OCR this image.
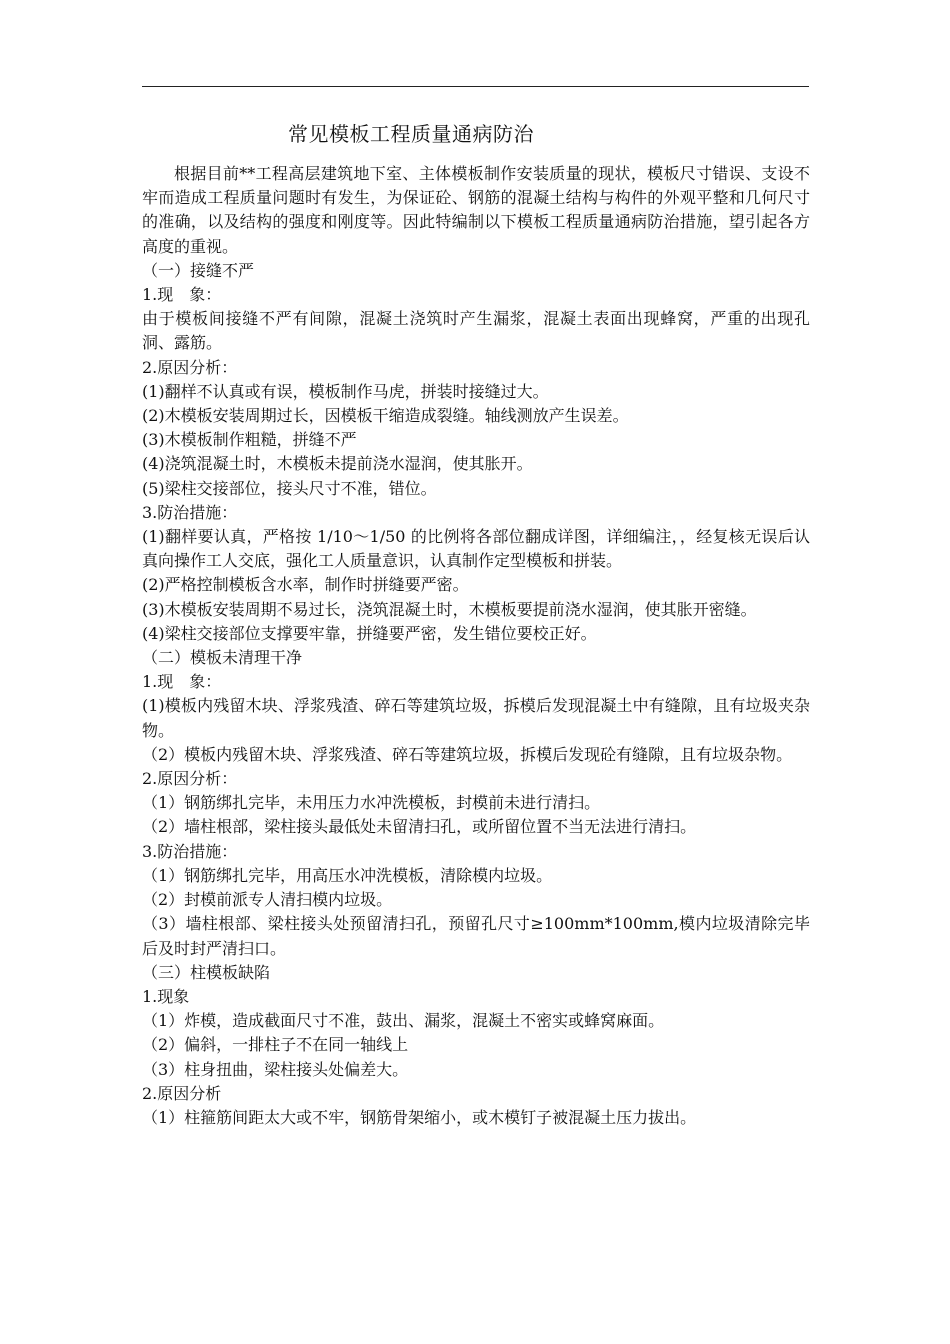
常见模板工程质量通病防治

根据目前**工程高层建筑地下室、主体模板制作安装质量的现状，模板尺寸错误、支设不牢而造成工程质量问题时有发生，为保证砼、钢筋的混凝土结构与构件的外观平整和几何尺寸的准确，以及结构的强度和刚度等。因此特编制以下模板工程质量通病防治措施，望引起各方高度的重视。

（一）接缝不严

1.现　象：

由于模板间接缝不严有间隙，混凝土浇筑时产生漏浆，混凝土表面出现蜂窝，严重的出现孔洞、露筋。

2.原因分析：

(1)翻样不认真或有误，模板制作马虎，拼装时接缝过大。

(2)木模板安装周期过长，因模板干缩造成裂缝。轴线测放产生误差。

(3)木模板制作粗糙，拼缝不严

(4)浇筑混凝土时，木模板未提前浇水湿润，使其胀开。

(5)梁柱交接部位，接头尺寸不准，错位。

3.防治措施：

(1)翻样要认真，严格按 1/10～1/50 的比例将各部位翻成详图，详细编注，，经复核无误后认真向操作工人交底，强化工人质量意识，认真制作定型模板和拼装。

(2)严格控制模板含水率，制作时拼缝要严密。

(3)木模板安装周期不易过长，浇筑混凝土时，木模板要提前浇水湿润，使其胀开密缝。

(4)梁柱交接部位支撑要牢靠，拼缝要严密，发生错位要校正好。

（二）模板未清理干净

1.现　象：

(1)模板内残留木块、浮浆残渣、碎石等建筑垃圾，拆模后发现混凝土中有缝隙，且有垃圾夹杂物。

（2）模板内残留木块、浮浆残渣、碎石等建筑垃圾，拆模后发现砼有缝隙，且有垃圾杂物。

2.原因分析：

（1）钢筋绑扎完毕，未用压力水冲洗模板，封模前未进行清扫。

（2）墙柱根部，梁柱接头最低处未留清扫孔，或所留位置不当无法进行清扫。

3.防治措施：

（1）钢筋绑扎完毕，用高压水冲洗模板，清除模内垃圾。

（2）封模前派专人清扫模内垃圾。

（3）墙柱根部、梁柱接头处预留清扫孔，预留孔尺寸≥100mm*100mm,模内垃圾清除完毕后及时封严清扫口。

（三）柱模板缺陷

1.现象

（1）炸模，造成截面尺寸不准，鼓出、漏浆，混凝土不密实或蜂窝麻面。

（2）偏斜，一排柱子不在同一轴线上

（3）柱身扭曲，梁柱接头处偏差大。

2.原因分析

（1）柱箍筋间距太大或不牢，钢筋骨架缩小，或木模钉子被混凝土压力拔出。
